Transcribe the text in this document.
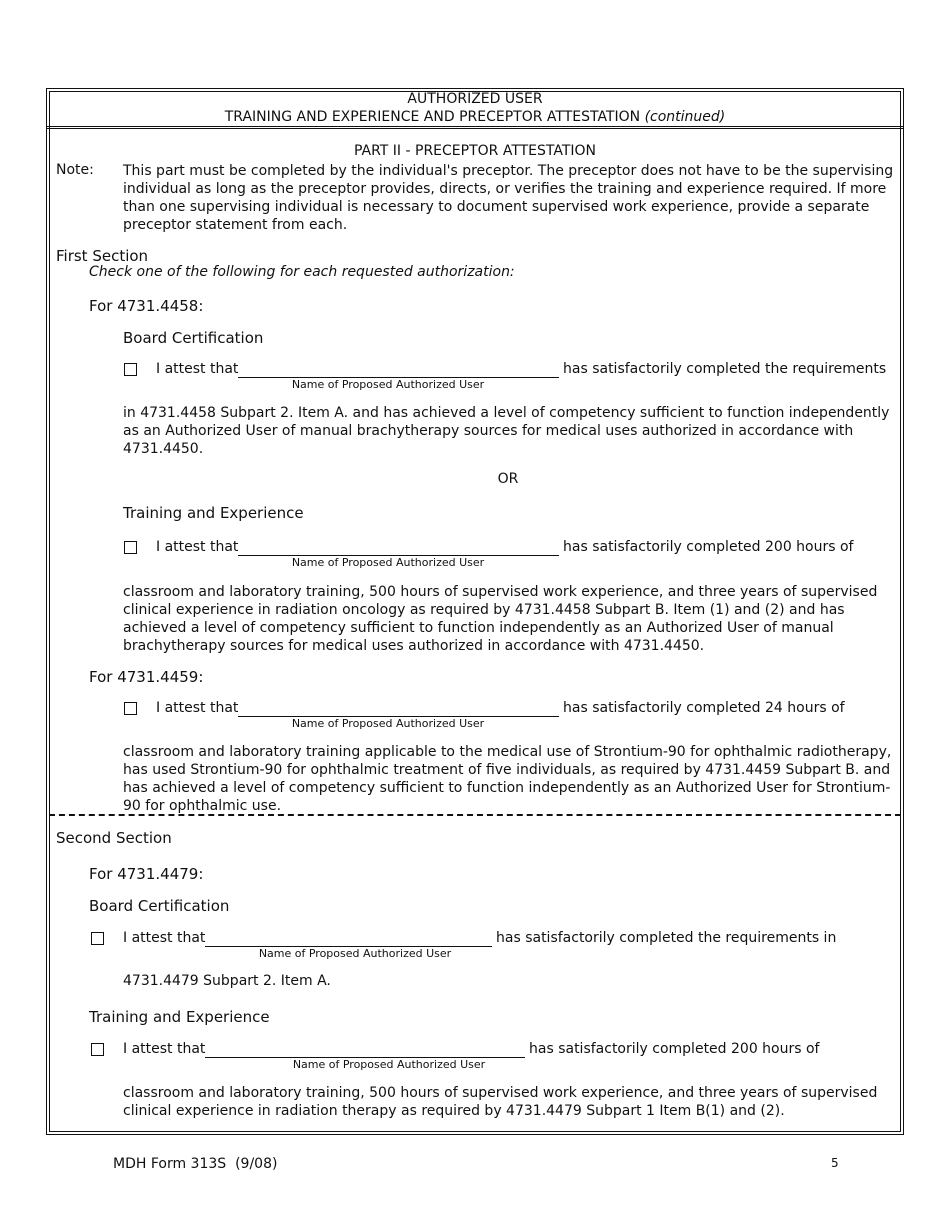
AUTHORIZED USER
TRAINING AND EXPERIENCE AND PRECEPTOR ATTESTATION (continued)
PART II - PRECEPTOR ATTESTATION
Note: This part must be completed by the individual's preceptor. The preceptor does not have to be the supervising individual as long as the preceptor provides, directs, or verifies the training and experience required. If more than one supervising individual is necessary to document supervised work experience, provide a separate preceptor statement from each.
First Section
Check one of the following for each requested authorization:
For 4731.4458:
Board Certification
I attest that
Name of Proposed Authorized User
has satisfactorily completed the requirements
in 4731.4458 Subpart 2. Item A. and has achieved a level of competency sufficient to function independently as an Authorized User of manual brachytherapy sources for medical uses authorized in accordance with 4731.4450.
OR
Training and Experience
I attest that
Name of Proposed Authorized User
has satisfactorily completed 200 hours of
classroom and laboratory training, 500 hours of supervised work experience, and three years of supervised clinical experience in radiation oncology as required by 4731.4458 Subpart B. Item (1) and (2) and has achieved a level of competency sufficient to function independently as an Authorized User of manual brachytherapy sources for medical uses authorized in accordance with 4731.4450.
For 4731.4459:
I attest that
Name of Proposed Authorized User
has satisfactorily completed 24 hours of
classroom and laboratory training applicable to the medical use of Strontium-90 for ophthalmic radiotherapy, has used Strontium-90 for ophthalmic treatment of five individuals, as required by 4731.4459 Subpart B. and has achieved a level of competency sufficient to function independently as an Authorized User for Strontium-90 for ophthalmic use.
Second Section
For 4731.4479:
Board Certification
I attest that
Name of Proposed Authorized User
has satisfactorily completed the requirements in
4731.4479 Subpart 2. Item A.
Training and Experience
I attest that
Name of Proposed Authorized User
has satisfactorily completed 200 hours of
classroom and laboratory training, 500 hours of supervised work experience, and three years of supervised clinical experience in radiation therapy as required by 4731.4479 Subpart 1 Item B(1) and (2).
MDH Form 313S (9/08)	5
